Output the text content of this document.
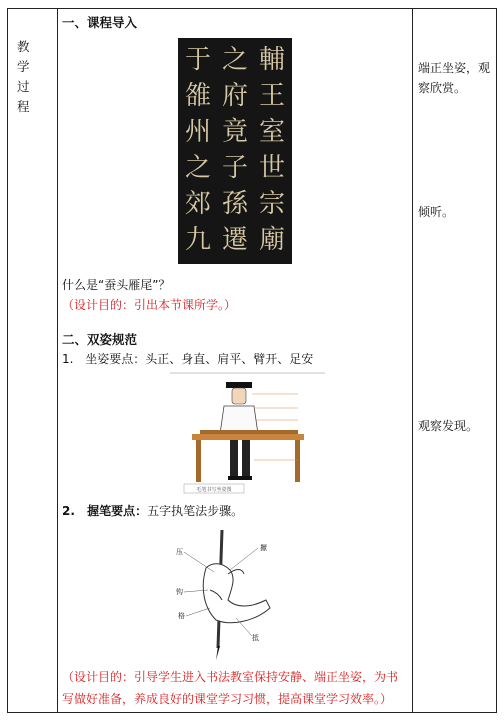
教 学 过程
端正坐姿，观察欣赏。
倾听。
观察发现。
一、课程导入
輔
王
室
世
宗
廟
之
府
竟
子
孫
遷
于
雒
州
之
郊
九
什么是“蚕头雁尾”？
（设计目的：引出本节课所学。）
二、双姿规范
1. 坐姿要点：头正、身直、肩平、臂开、足安
毛笔书写坐姿图
2. 握笔要点：五字执笔法步骤。
压
钩
格
抵
擫
（设计目的：引导学生进入书法教室保持安静、端正坐姿，为书
写做好准备，养成良好的课堂学习习惯，提高课堂学习效率。）
